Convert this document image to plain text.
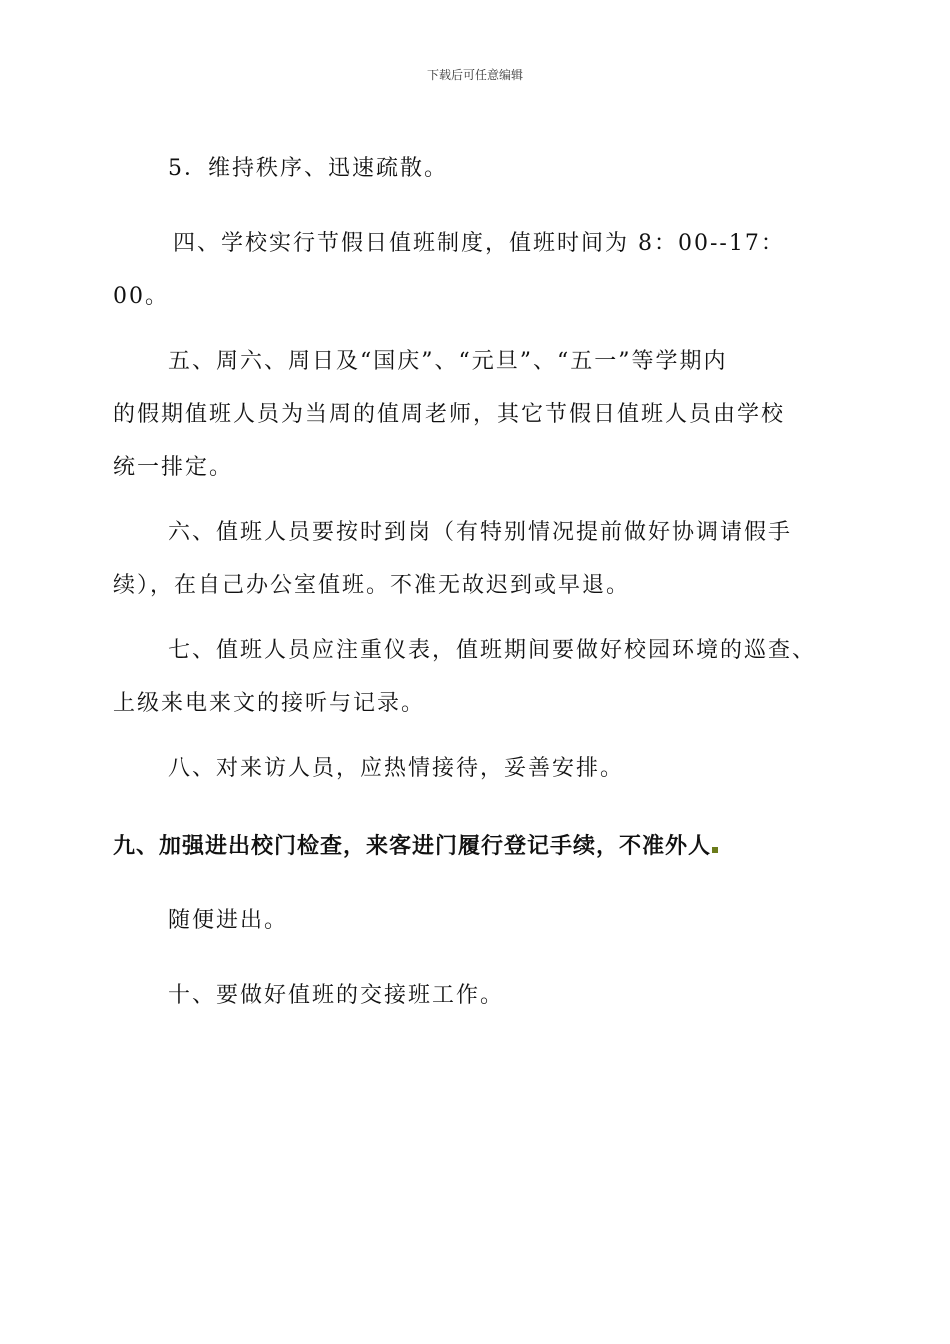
下载后可任意编辑
5．维持秩序、迅速疏散。
四、学校实行节假日值班制度，值班时间为 8：00--17：
00。
五、周六、周日及“国庆”、“元旦”、“五一”等学期内
的假期值班人员为当周的值周老师，其它节假日值班人员由学校
统一排定。
六、值班人员要按时到岗（有特别情况提前做好协调请假手
续），在自己办公室值班。不准无故迟到或早退。
七、值班人员应注重仪表，值班期间要做好校园环境的巡查、
上级来电来文的接听与记录。
八、对来访人员，应热情接待，妥善安排。
九、加强进出校门检查，来客进门履行登记手续，不准外人
随便进出。
十、要做好值班的交接班工作。
